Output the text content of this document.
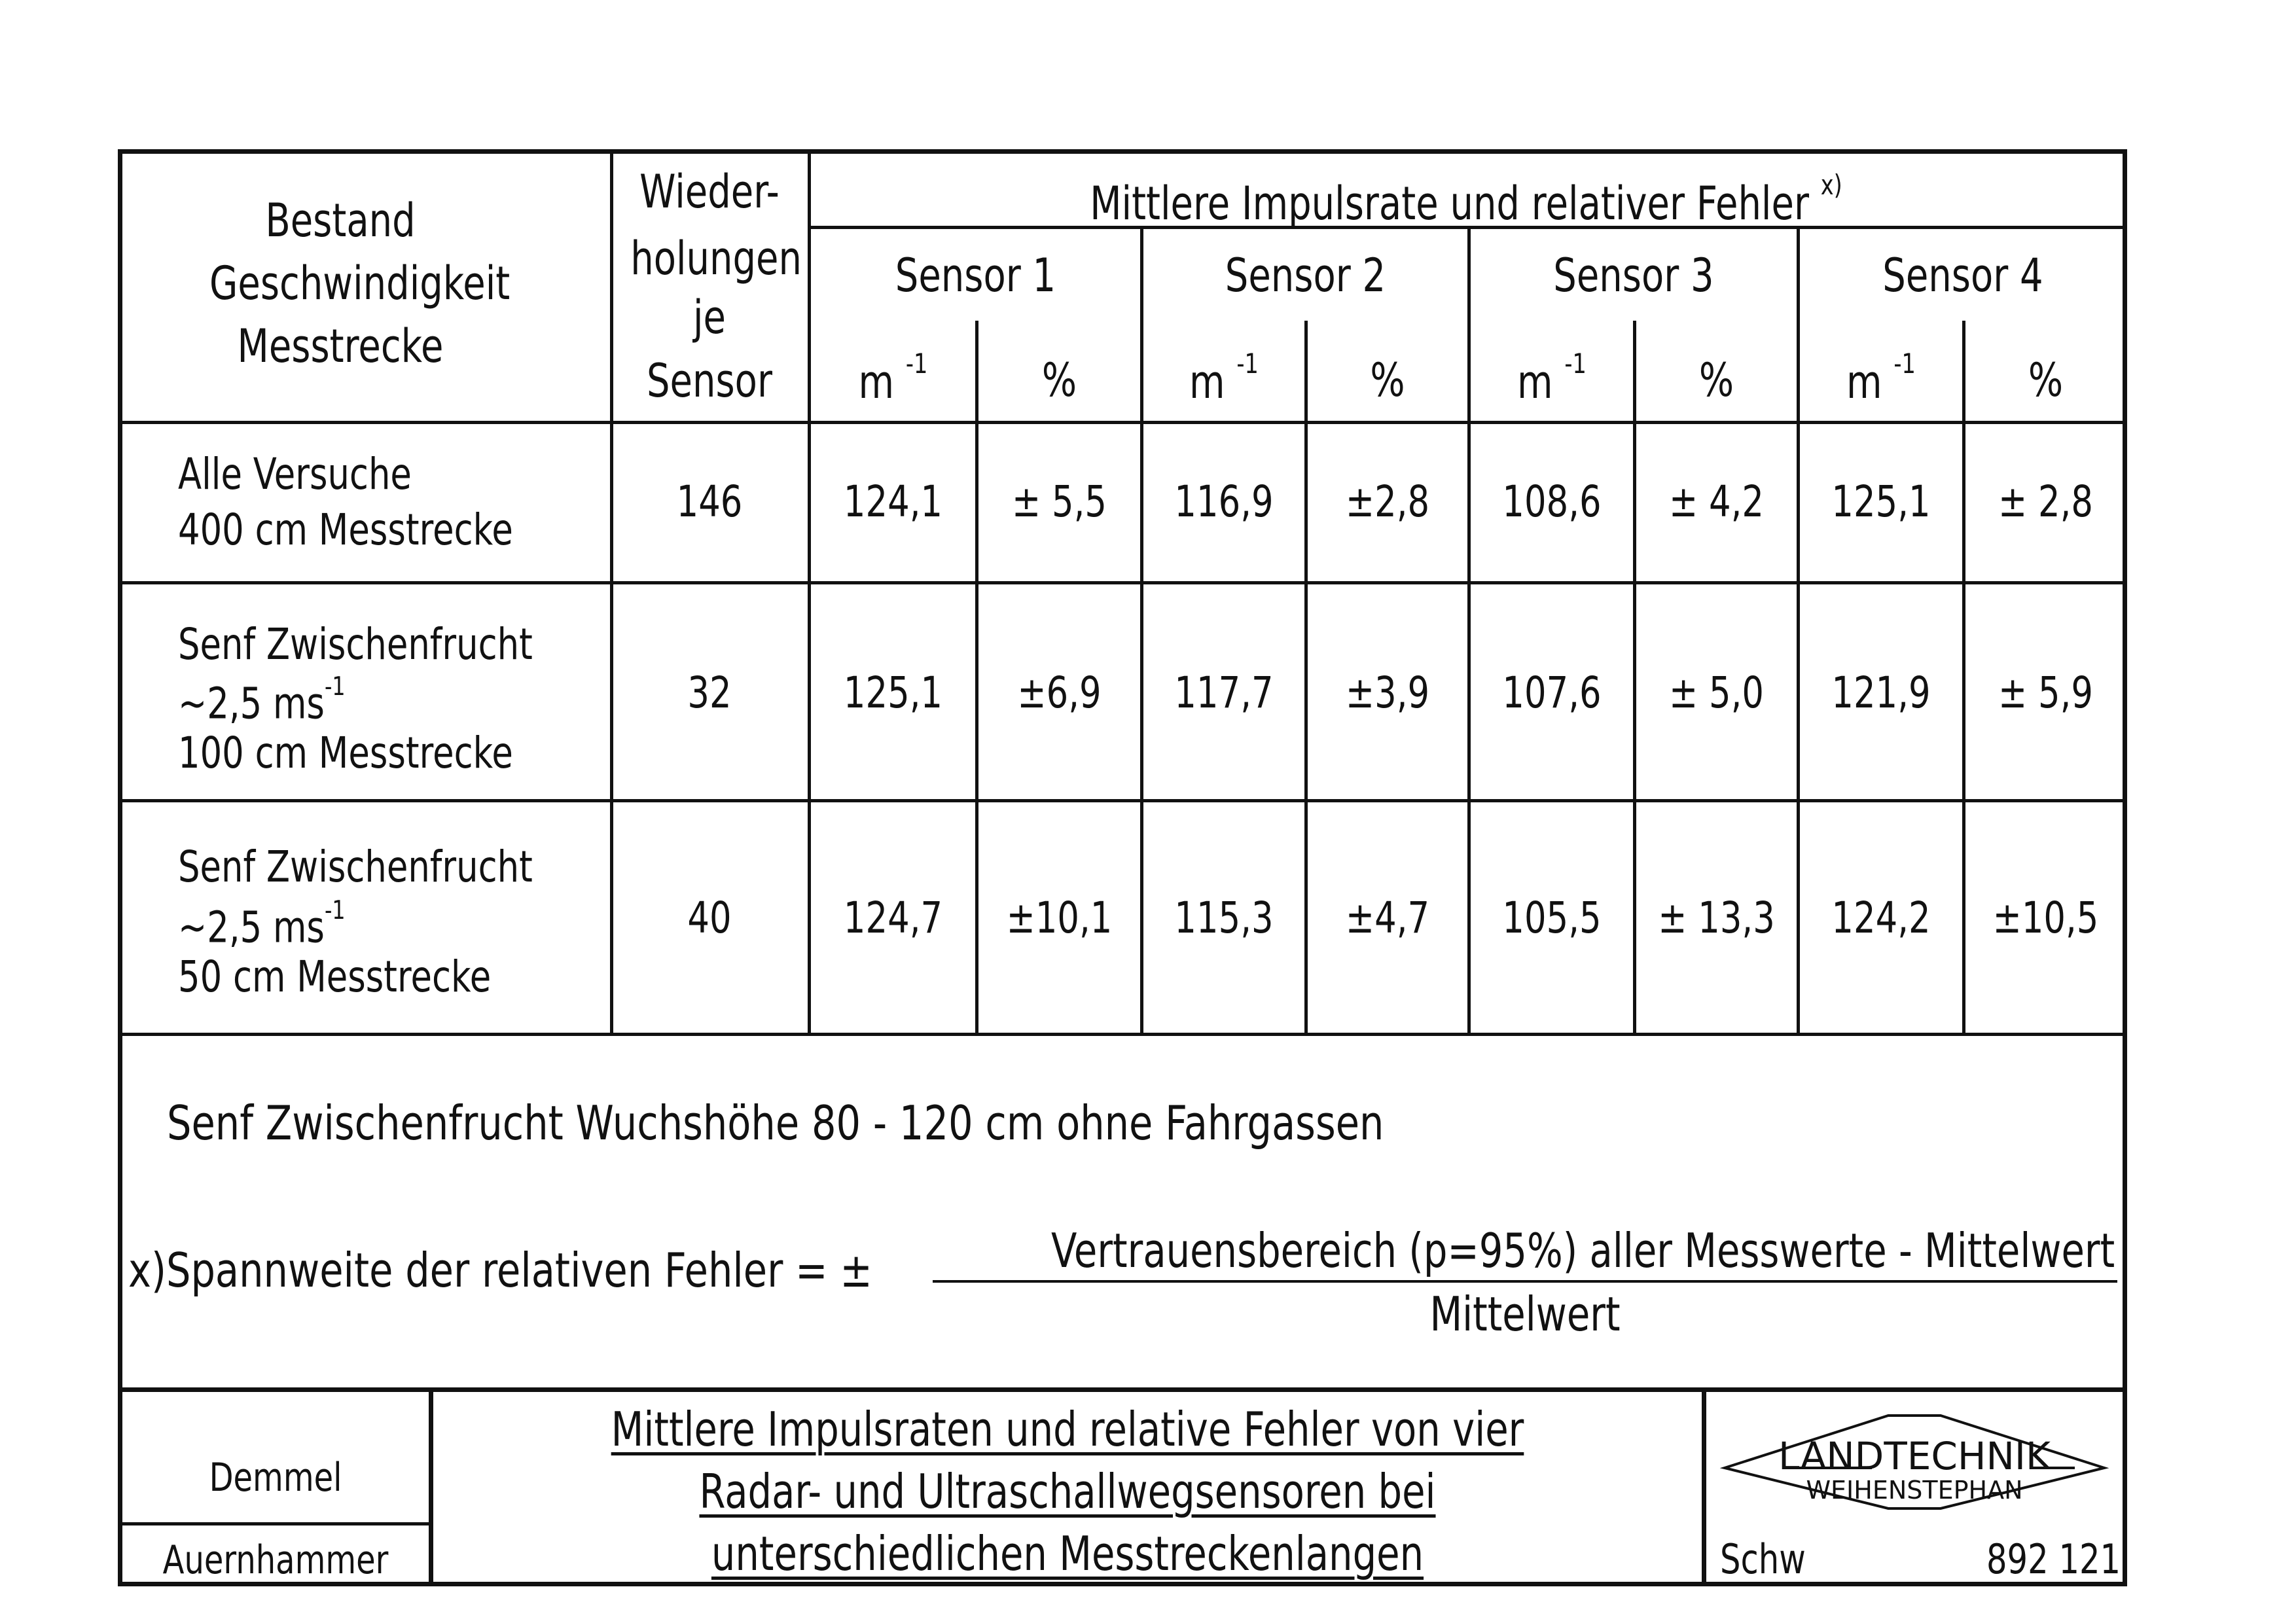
Bestand
Geschwindigkeit
Messtrecke
Wieder-
holungen
je
Sensor
Mittlere Impulsrate und relativer Fehler $^{x)}$
Sensor 1	Sensor 2	Sensor 3	Sensor 4
m $^{-1}$	%	m $^{-1}$	%	m $^{-1}$	%	m $^{-1}$	%
Alle Versuche
400 cm Messtrecke
146	124,1	± 5,5	116,9	±2,8	108,6	± 4,2	125,1	± 2,8
Senf Zwischenfrucht
~2,5 $ms^{-1}$
100 cm Messtrecke
32	125,1	±6,9	117,7	±3,9	107,6	± 5,0	121,9	± 5,9
Senf Zwischenfrucht
~2,5 $ms^{-1}$
50 cm Messtrecke
40	124,7	±10,1	115,3	±4,7	105,5	± 13,3	124,2	±10,5
Senf Zwischenfrucht Wuchshöhe 80 - 120 cm ohne Fahrgassen
x)Spannweite der relativen Fehler = ±	Vertrauensbereich (p=95%) aller Messwerte - Mittelwert
Mittelwert
Demmel
Auernhammer
Mittlere Impulsraten und relative Fehler von vier
Radar- und Ultraschallwegsensoren bei
unterschiedlichen Messtreckenlangen
LANDTECHNIK
WEIHENSTEPHAN
Schw	892 121
